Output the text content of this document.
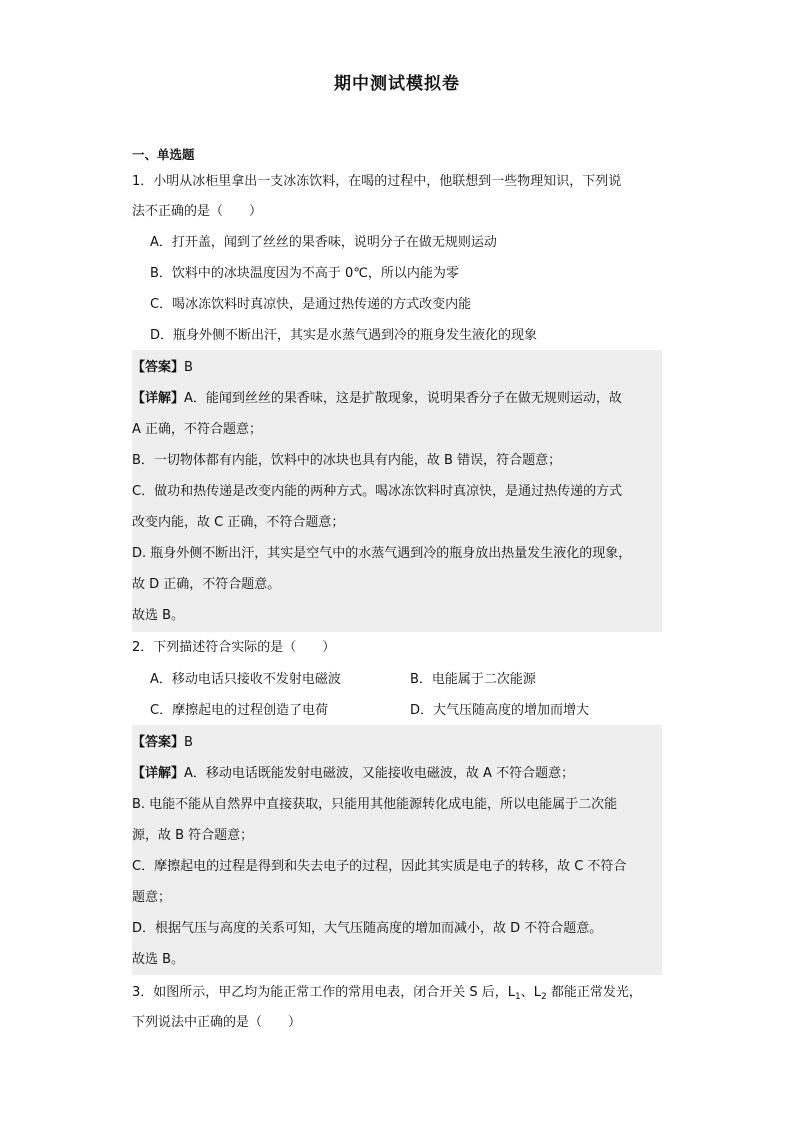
期中测试模拟卷
一、单选题
1．小明从冰柜里拿出一支冰冻饮料，在喝的过程中，他联想到一些物理知识，下列说
法不正确的是（　　）
A．打开盖，闻到了丝丝的果香味，说明分子在做无规则运动
B．饮料中的冰块温度因为不高于 0℃，所以内能为零
C．喝冰冻饮料时真凉快，是通过热传递的方式改变内能
D．瓶身外侧不断出汗，其实是水蒸气遇到冷的瓶身发生液化的现象
【答案】B
【详解】A．能闻到丝丝的果香味，这是扩散现象，说明果香分子在做无规则运动，故
A 正确，不符合题意；
B．一切物体都有内能，饮料中的冰块也具有内能，故 B 错误，符合题意；
C．做功和热传递是改变内能的两种方式。喝冰冻饮料时真凉快，是通过热传递的方式
改变内能，故 C 正确，不符合题意；
D. 瓶身外侧不断出汗，其实是空气中的水蒸气遇到冷的瓶身放出热量发生液化的现象，
故 D 正确，不符合题意。
故选 B。
2．下列描述符合实际的是（　　）
A．移动电话只接收不发射电磁波	B．电能属于二次能源
C．摩擦起电的过程创造了电荷	D．大气压随高度的增加而增大
【答案】B
【详解】A．移动电话既能发射电磁波，又能接收电磁波，故 A 不符合题意；
B. 电能不能从自然界中直接获取，只能用其他能源转化成电能，所以电能属于二次能
源，故 B 符合题意；
C．摩擦起电的过程是得到和失去电子的过程，因此其实质是电子的转移，故 C 不符合
题意；
D．根据气压与高度的关系可知，大气压随高度的增加而减小，故 D 不符合题意。
故选 B。
3．如图所示，甲乙均为能正常工作的常用电表，闭合开关 S 后，$L_1$、$L_2$ 都能正常发光，
下列说法中正确的是（　　）
